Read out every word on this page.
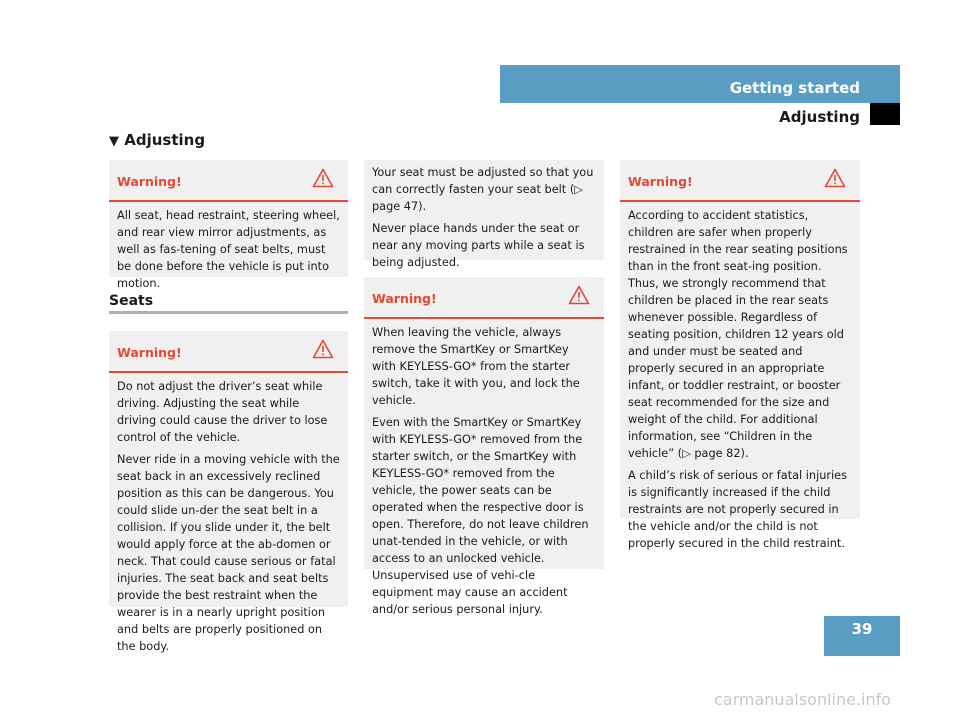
Getting started
Adjusting
▼ Adjusting
Warning!

All seat, head restraint, steering wheel, and rear view mirror adjustments, as well as fas-tening of seat belts, must be done before the vehicle is put into motion.

Seats
Warning!

Do not adjust the driver’s seat while driving. Adjusting the seat while driving could cause the driver to lose control of the vehicle.

Never ride in a moving vehicle with the seat back in an excessively reclined position as this can be dangerous. You could slide un-der the seat belt in a collision. If you slide under it, the belt would apply force at the ab-domen or neck. That could cause serious or fatal injuries. The seat back and seat belts provide the best restraint when the wearer is in a nearly upright position and belts are properly positioned on the body.

Your seat must be adjusted so that you can correctly fasten your seat belt (▷ page 47).

Never place hands under the seat or near any moving parts while a seat is being adjusted.

Warning!

When leaving the vehicle, always remove the SmartKey or SmartKey with KEYLESS-GO* from the starter switch, take it with you, and lock the vehicle.

Even with the SmartKey or SmartKey with KEYLESS-GO* removed from the starter switch, or the SmartKey with KEYLESS-GO* removed from the vehicle, the power seats can be operated when the respective door is open. Therefore, do not leave children unat-tended in the vehicle, or with access to an unlocked vehicle. Unsupervised use of vehi-cle equipment may cause an accident and/or serious personal injury.

Warning!

According to accident statistics, children are safer when properly restrained in the rear seating positions than in the front seat-ing position. Thus, we strongly recommend that children be placed in the rear seats whenever possible. Regardless of seating position, children 12 years old and under must be seated and properly secured in an appropriate infant, or toddler restraint, or booster seat recommended for the size and weight of the child. For additional information, see “Children in the vehicle” (▷ page 82).

A child’s risk of serious or fatal injuries is significantly increased if the child restraints are not properly secured in the vehicle and/or the child is not properly secured in the child restraint.

39
carmanualsonline.info
